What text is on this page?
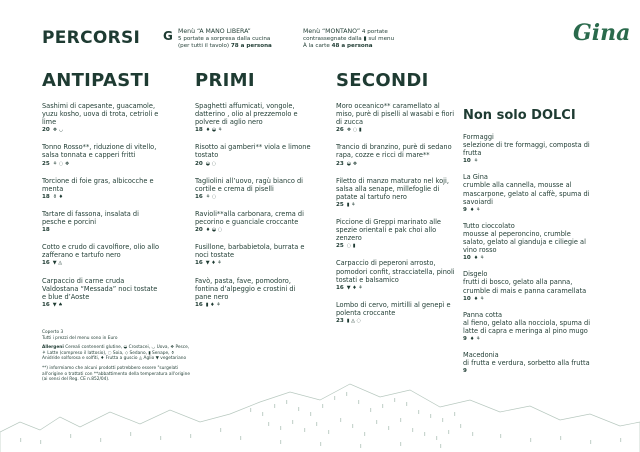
PERCORSI G Menù “A MANO LIBERA”
5 portate a sorpresa dalla cucina
(per tutti il tavolo) 78 a persona
Menù “MONTANO” 4 portate
contrassegnate dalla ▮ sul menu
À la carte 48 a persona	Gina
ANTIPASTI
Sashimi di capesante, guacamole, yuzu kosho, uova di trota, cetrioli e lime
20 ❖ ◡
Tonno Rosso**, riduzione di vitello, salsa tonnata e capperi fritti
25 ⚘ ◌ ❖
Torcione di foie gras, albicocche e menta
18 ⚱ ♦
Tartare di fassona, insalata di pesche e porcini
18
Cotto e crudo di cavolfiore, olio allo zafferano e tartufo nero
16 ▼ ◬
Carpaccio di carne cruda Valdostana “Messada” noci tostate e blue d’Aoste
16 ▼ ♠

Coperto 3
Tutti i prezzi del menu sono in Euro

Allergeni Cereali contenenti glutine, ◒ Crostacei, ◡ Uova, ❖ Pesce, ⚘ Latte (compreso il lattosio), ◌ Soia, ◇ Sedano, ▮ Senape, ⚱ Anidride solforosa e solfiti, ♦ Frutta a guscio ◬ Aglio ▼ vegetariano

**) informiamo che alcuni prodotti potrebbero essere "surgelati all'origine o trattati con **abbattimento della temperatura all'origine (ai sensi del Reg. CE n.852/04).

PRIMI
Spaghetti affumicati, vongole, datterino , olio al prezzemolo e polvere di aglio nero
18 ♦ ◒ ⚘
Risotto ai gamberi** viola e limone tostato
20 ◒ ◌
Tagliolini all’uovo, ragù bianco di cortile e crema di piselli
16 ⚘ ◌
Ravioli**alla carbonara, crema di pecorino e guanciale croccante
20 ♦ ◒ ◌
Fusillone, barbabietola, burrata e noci tostate
16 ▼ ♦ ⚘
Favò, pasta, fave, pomodoro, fontina d’alpeggio e crostini di pane nero
16 ▮ ♦ ⚘
SECONDI
Moro oceanico** caramellato al miso, purè di piselli al wasabi e fiori di zucca
26 ❖ ◌ ▮
Trancio di branzino, purè di sedano rapa, cozze e ricci di mare**
23 ◒ ❖
Filetto di manzo maturato nel koji, salsa alla senape, millefoglie di patate al tartufo nero
25 ▮ ⚘
Piccione di Greppi marinato alle spezie orientali e pak choi allo zenzero
25 ◌ ▮
Carpaccio di peperoni arrosto, pomodori confit, stracciatella, pinoli tostati e balsamico
16 ▼ ♦ ⚘
Lombo di cervo, mirtilli al genepì e polenta croccante
23 ▮ ◬ ◌
Non solo DOLCI
Formaggi
selezione di tre formaggi, composta di frutta
10 ⚘
La Gina
crumble alla cannella, mousse al mascarpone, gelato al caffè, spuma di savoiardi
9 ♦ ⚘
Tutto cioccolato
mousse al peperoncino, crumble salato, gelato al gianduja e ciliegie al vino rosso
10 ♦ ⚘
Disgelo
frutti di bosco, gelato alla panna, crumble di mais e panna caramellata
10 ♦ ⚘
Panna cotta
al fieno, gelato alla nocciola, spuma di latte di capra e meringa al pino mugo
9 ♦ ⚘
Macedonia
di frutta e verdura, sorbetto alla frutta
9
